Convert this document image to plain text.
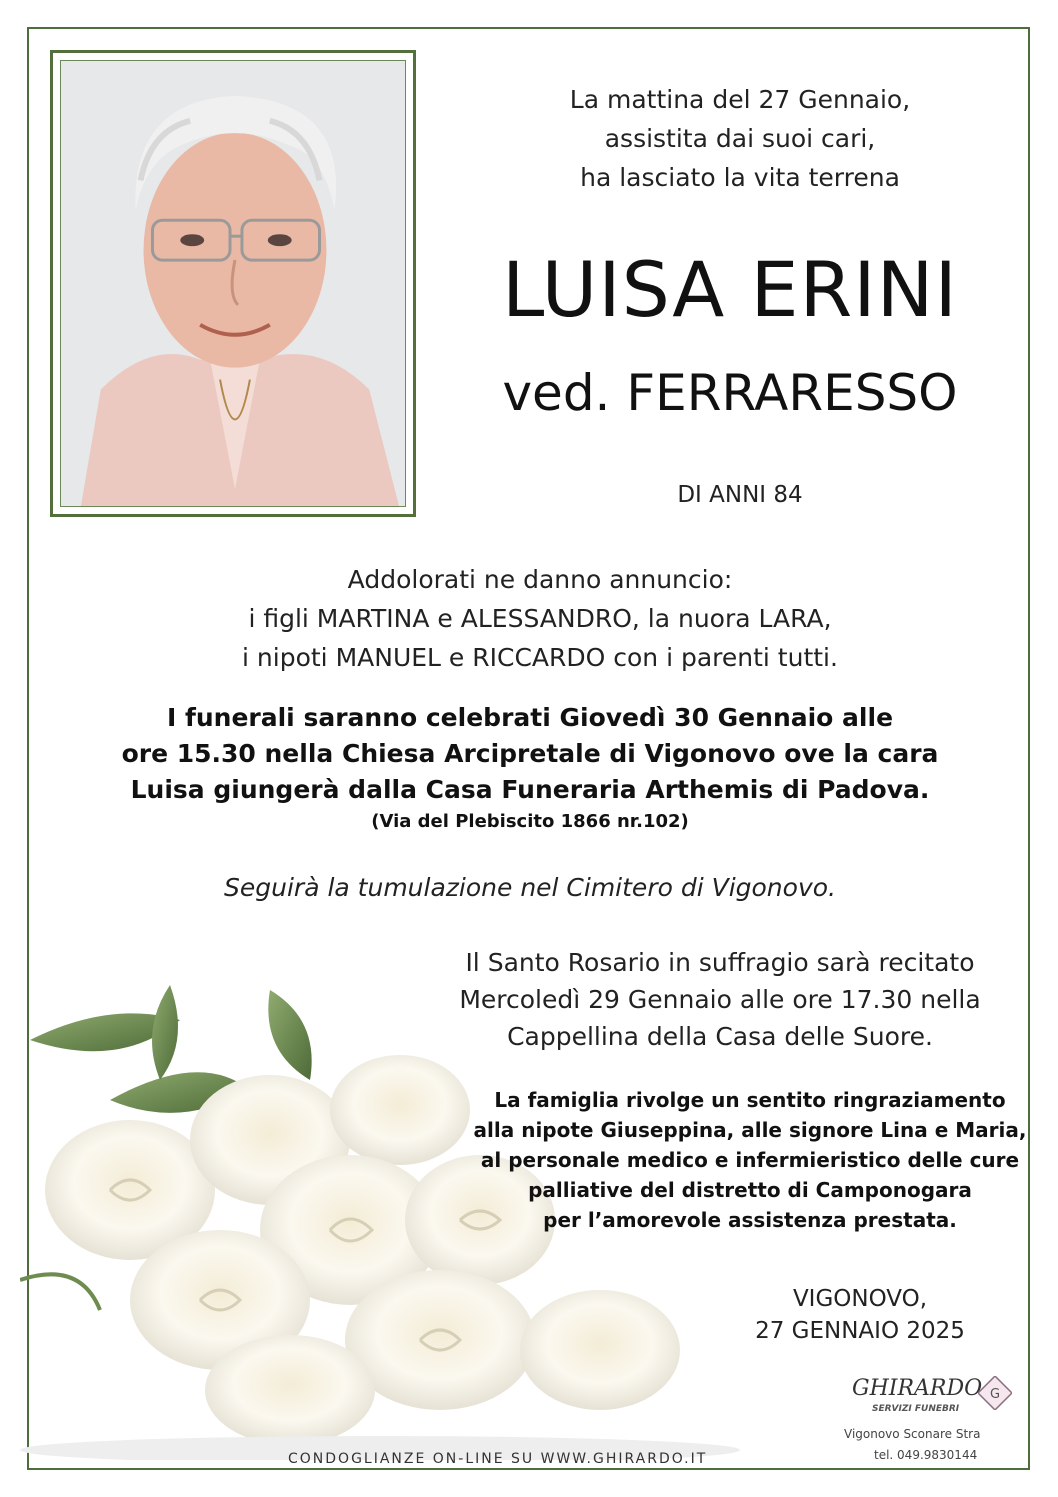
La mattina del 27 Gennaio,
assistita dai suoi cari,
ha lasciato la vita terrena
LUISA ERINI
ved. FERRARESSO
DI ANNI 84
Addolorati ne danno annuncio:
i figli MARTINA e ALESSANDRO, la nuora LARA,
i nipoti MANUEL e RICCARDO con i parenti tutti.
I funerali saranno celebrati Giovedì 30 Gennaio alle
ore 15.30 nella Chiesa Arcipretale di Vigonovo ove la cara
Luisa giungerà dalla Casa Funeraria Arthemis di Padova.
(Via del Plebiscito 1866 nr.102)
Seguirà la tumulazione nel Cimitero di Vigonovo.
Il Santo Rosario in suffragio sarà recitato
Mercoledì 29 Gennaio alle ore 17.30 nella
Cappellina della Casa delle Suore.
La famiglia rivolge un sentito ringraziamento
alla nipote Giuseppina, alle signore Lina e Maria,
al personale medico e infermieristico delle cure
palliative del distretto di Camponogara
per l’amorevole assistenza prestata.
VIGONOVO,
27 GENNAIO 2025
CONDOGLIANZE ON-LINE SU WWW.GHIRARDO.IT
GHIRARDO
SERVIZI FUNEBRI
G
Vigonovo Sconare Stra
tel. 049.9830144
